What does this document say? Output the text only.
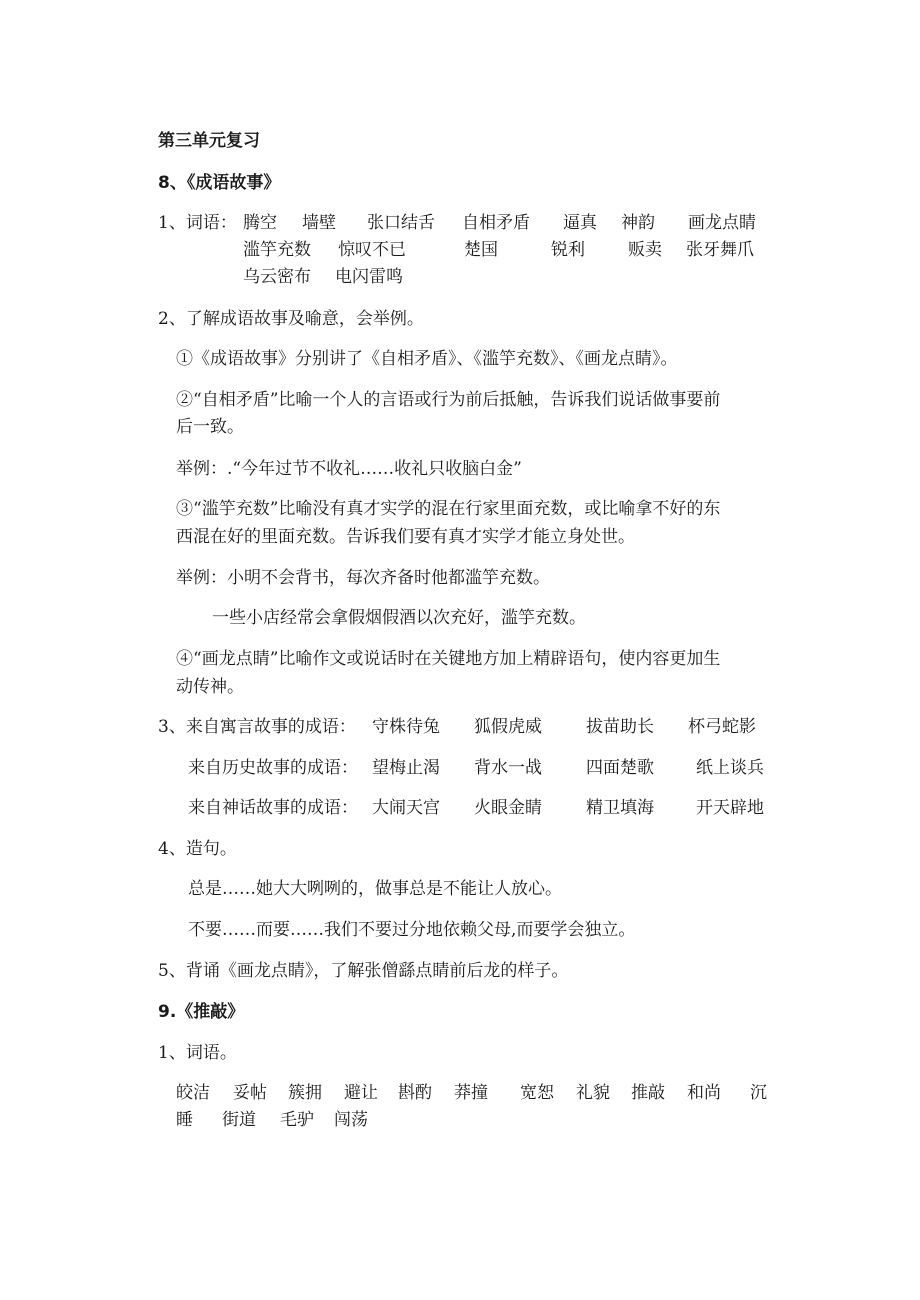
第三单元复习
8、《成语故事》
1、词语： 腾空 墙壁 张口结舌 自相矛盾 逼真 神韵 画龙点睛
滥竽充数 惊叹不已	楚国	锐利	贩卖 张牙舞爪
乌云密布 电闪雷鸣
2、了解成语故事及喻意，会举例。
①《成语故事》分别讲了《自相矛盾》、《滥竽充数》、《画龙点睛》。
②“自相矛盾”比喻一个人的言语或行为前后抵触，告诉我们说话做事要前
后一致。
举例：.“今年过节不收礼……收礼只收脑白金”
③“滥竽充数”比喻没有真才实学的混在行家里面充数，或比喻拿不好的东
西混在好的里面充数。告诉我们要有真才实学才能立身处世。
举例：小明不会背书，每次齐备时他都滥竽充数。
一些小店经常会拿假烟假酒以次充好，滥竽充数。
④“画龙点睛”比喻作文或说话时在关键地方加上精辟语句，使内容更加生
动传神。
3、来自寓言故事的成语： 守株待兔 狐假虎威	拔苗助长 杯弓蛇影
来自历史故事的成语： 望梅止渴 背水一战	四面楚歌 纸上谈兵
来自神话故事的成语： 大闹天宫 火眼金睛	精卫填海 开天辟地
4、造句。
总是……她大大咧咧的，做事总是不能让人放心。
不要……而要……我们不要过分地依赖父母,而要学会独立。
5、背诵《画龙点睛》，了解张僧繇点睛前后龙的样子。
9.《推敲》
1、词语。
皎洁 妥帖 簇拥 避让 斟酌 莽撞 宽恕 礼貌 推敲 和尚 沉
睡 街道 毛驴 闯荡
